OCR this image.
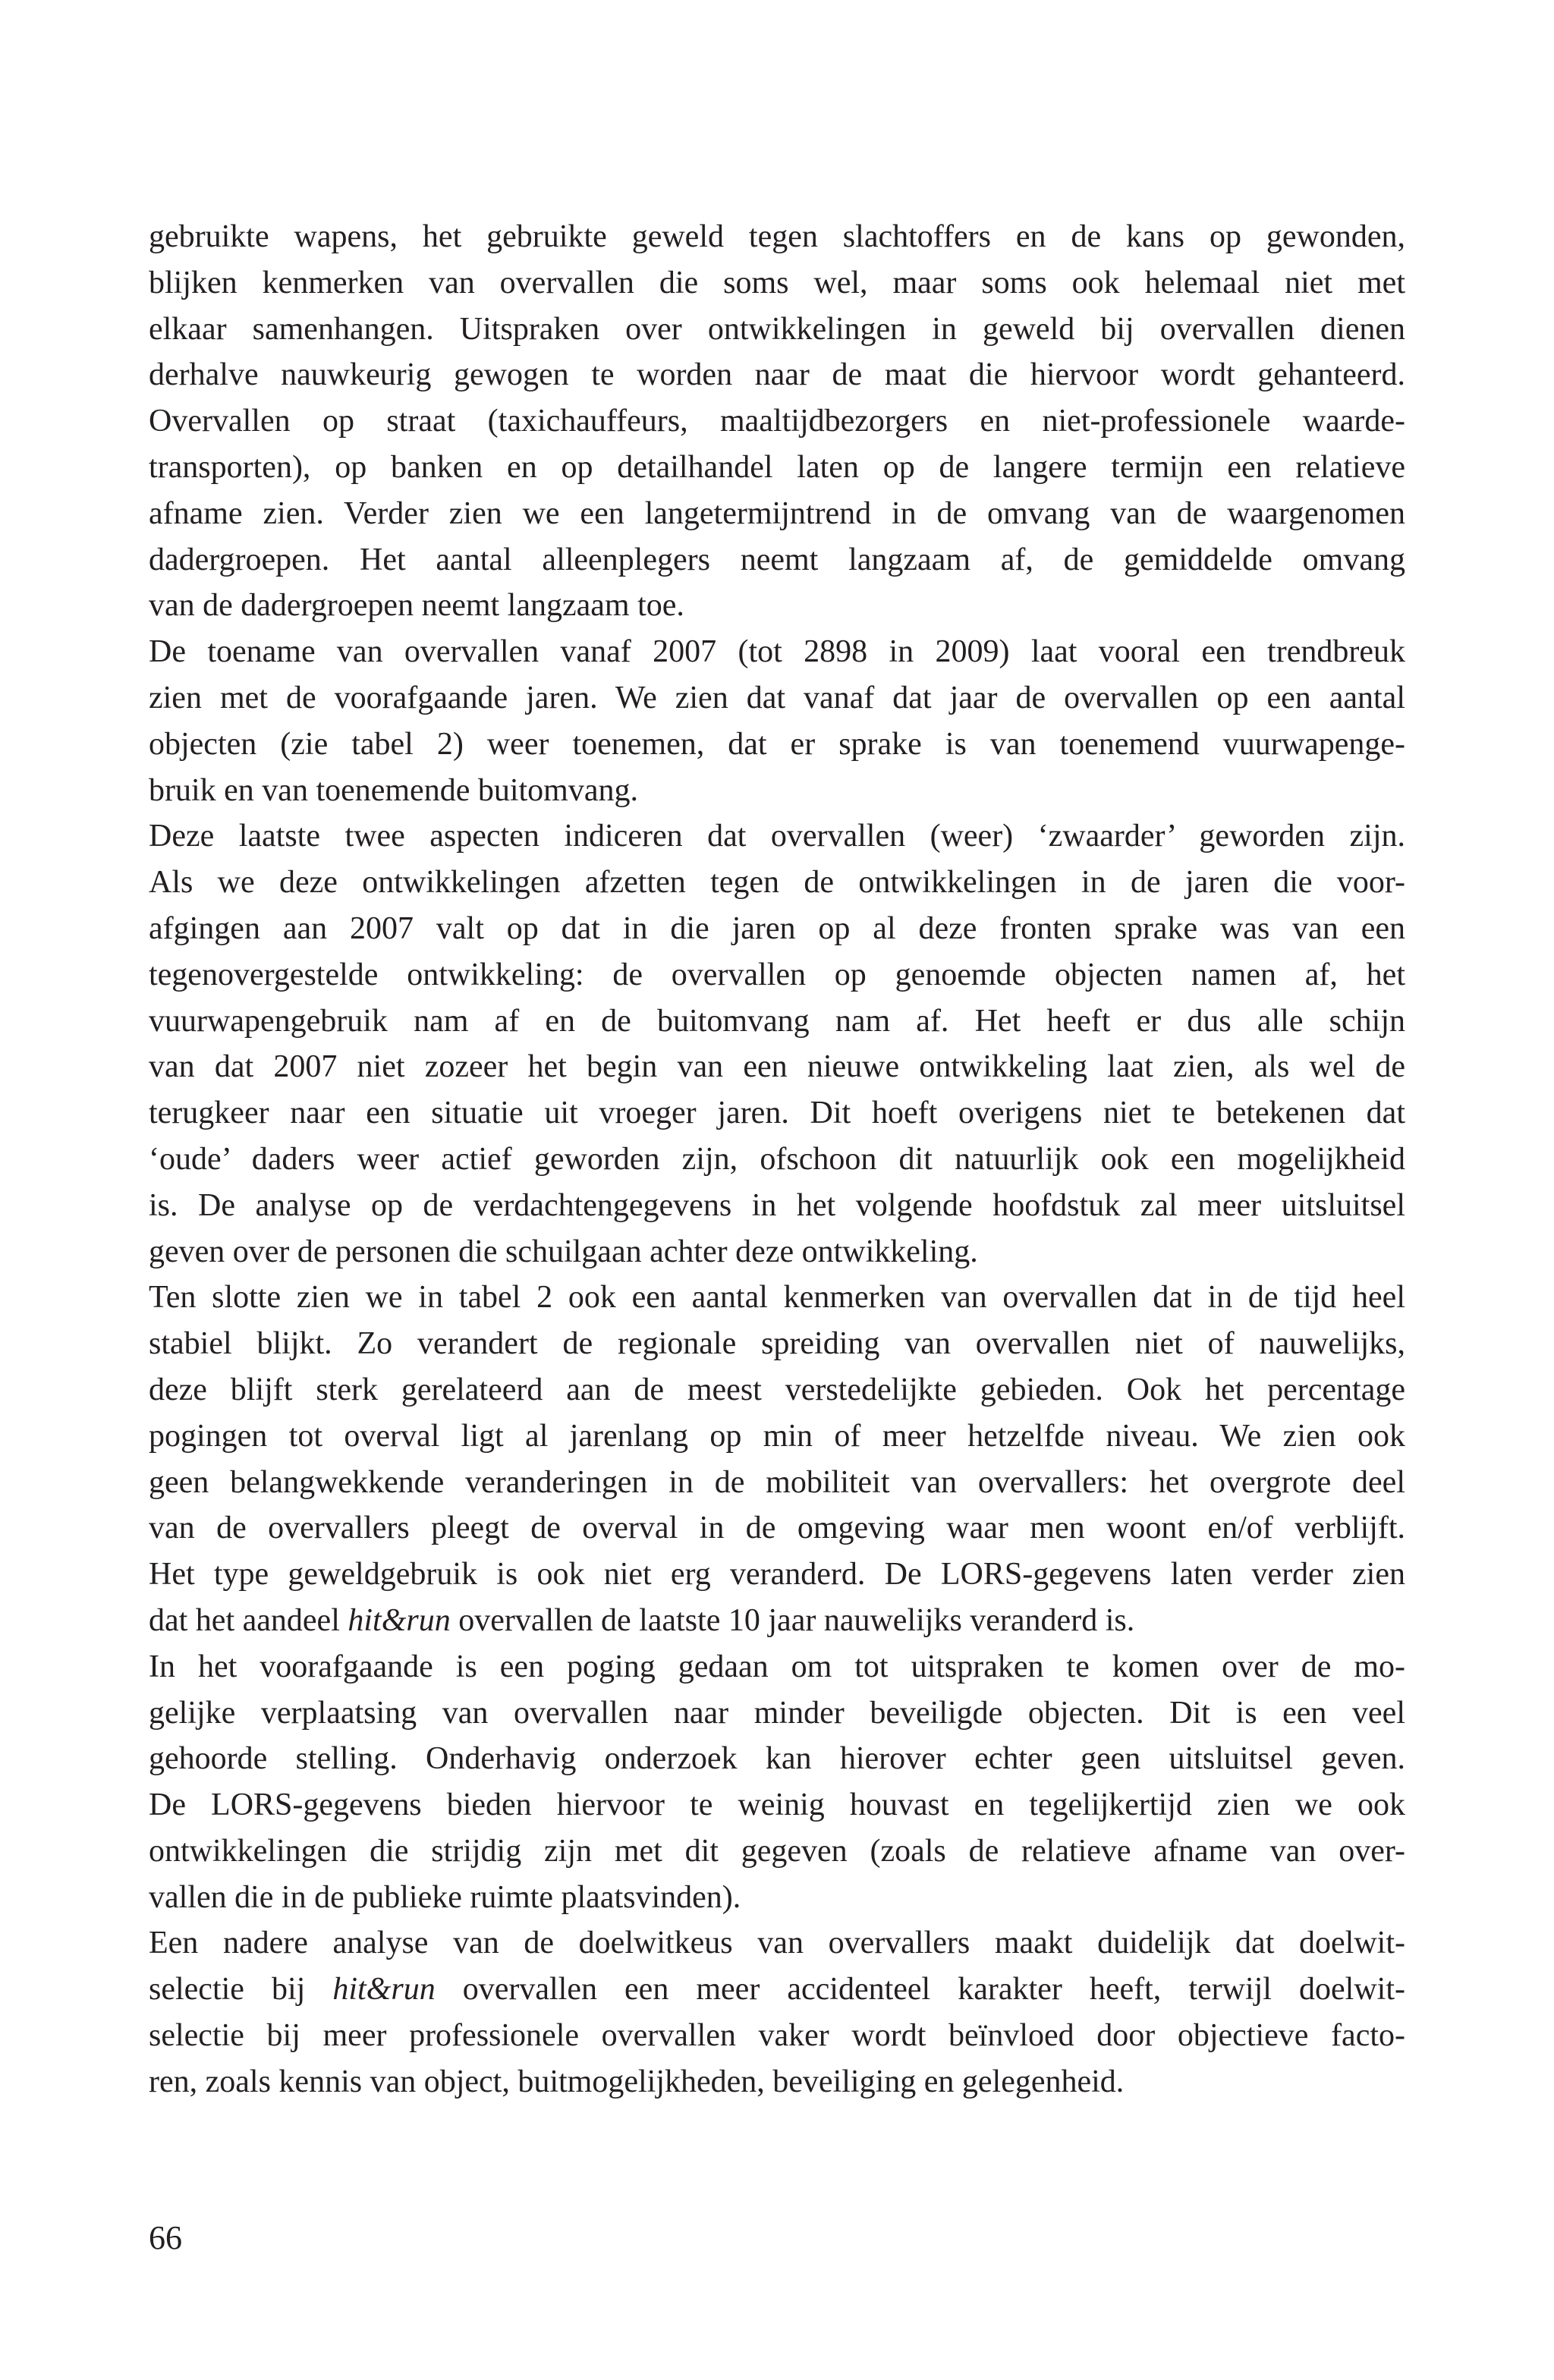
gebruikte wapens, het gebruikte geweld tegen slachtoffers en de kans op gewonden,
blijken kenmerken van overvallen die soms wel, maar soms ook helemaal niet met
elkaar samenhangen. Uitspraken over ontwikkelingen in geweld bij overvallen dienen
derhalve nauwkeurig gewogen te worden naar de maat die hiervoor wordt gehanteerd.
Overvallen op straat (taxichauffeurs, maaltijdbezorgers en niet-professionele waarde-
transporten), op banken en op detailhandel laten op de langere termijn een relatieve
afname zien. Verder zien we een langetermijntrend in de omvang van de waargenomen
dadergroepen. Het aantal alleenplegers neemt langzaam af, de gemiddelde omvang
van de dadergroepen neemt langzaam toe.
De toename van overvallen vanaf 2007 (tot 2898 in 2009) laat vooral een trendbreuk
zien met de voorafgaande jaren. We zien dat vanaf dat jaar de overvallen op een aantal
objecten (zie tabel 2) weer toenemen, dat er sprake is van toenemend vuurwapenge-
bruik en van toenemende buitomvang.
Deze laatste twee aspecten indiceren dat overvallen (weer) ‘zwaarder’ geworden zijn.
Als we deze ontwikkelingen afzetten tegen de ontwikkelingen in de jaren die voor-
afgingen aan 2007 valt op dat in die jaren op al deze fronten sprake was van een
tegenovergestelde ontwikkeling: de overvallen op genoemde objecten namen af, het
vuurwapengebruik nam af en de buitomvang nam af. Het heeft er dus alle schijn
van dat 2007 niet zozeer het begin van een nieuwe ontwikkeling laat zien, als wel de
terugkeer naar een situatie uit vroeger jaren. Dit hoeft overigens niet te betekenen dat
‘oude’ daders weer actief geworden zijn, ofschoon dit natuurlijk ook een mogelijkheid
is. De analyse op de verdachtengegevens in het volgende hoofdstuk zal meer uitsluitsel
geven over de personen die schuilgaan achter deze ontwikkeling.
Ten slotte zien we in tabel 2 ook een aantal kenmerken van overvallen dat in de tijd heel
stabiel blijkt. Zo verandert de regionale spreiding van overvallen niet of nauwelijks,
deze blijft sterk gerelateerd aan de meest verstedelijkte gebieden. Ook het percentage
pogingen tot overval ligt al jarenlang op min of meer hetzelfde niveau. We zien ook
geen belangwekkende veranderingen in de mobiliteit van overvallers: het overgrote deel
van de overvallers pleegt de overval in de omgeving waar men woont en/of verblijft.
Het type geweldgebruik is ook niet erg veranderd. De LORS-gegevens laten verder zien
dat het aandeel hit&run overvallen de laatste 10 jaar nauwelijks veranderd is.
In het voorafgaande is een poging gedaan om tot uitspraken te komen over de mo-
gelijke verplaatsing van overvallen naar minder beveiligde objecten. Dit is een veel
gehoorde stelling. Onderhavig onderzoek kan hierover echter geen uitsluitsel geven.
De LORS-gegevens bieden hiervoor te weinig houvast en tegelijkertijd zien we ook
ontwikkelingen die strijdig zijn met dit gegeven (zoals de relatieve afname van over-
vallen die in de publieke ruimte plaatsvinden).
Een nadere analyse van de doelwitkeus van overvallers maakt duidelijk dat doelwit-
selectie bij hit&run overvallen een meer accidenteel karakter heeft, terwijl doelwit-
selectie bij meer professionele overvallen vaker wordt beïnvloed door objectieve facto-
ren, zoals kennis van object, buitmogelijkheden, beveiliging en gelegenheid.
66
